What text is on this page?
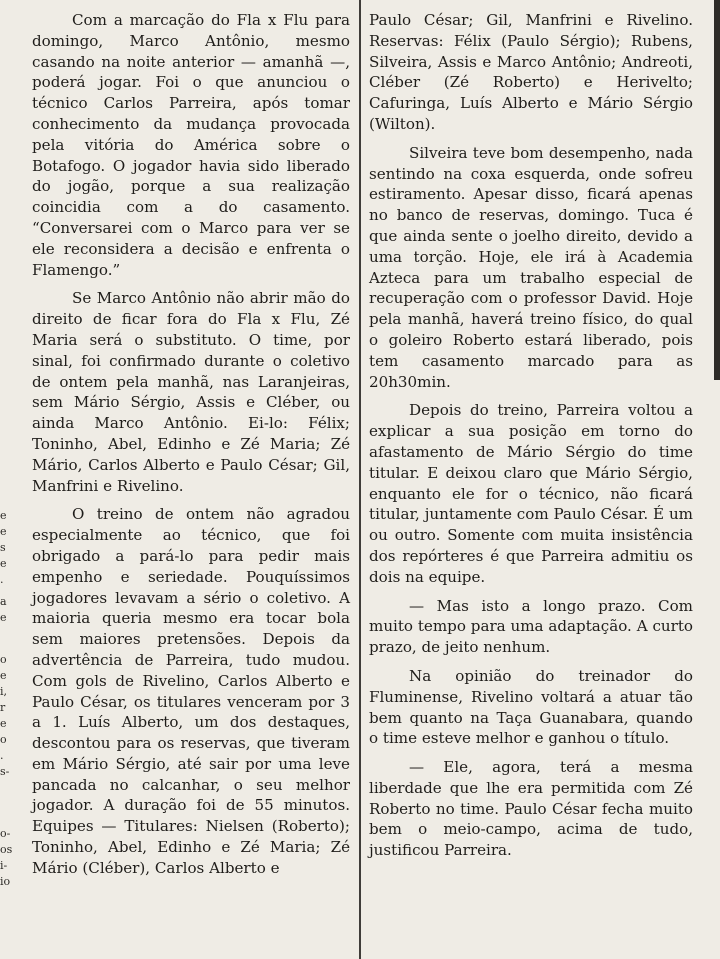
e
e
s
e
.
a
e
o
e
i,
r
e
o
.
s-
o-
os
i-
io

Com a marcação do Fla x Flu para domingo, Marco Antônio, mesmo casando na noite anterior — amanhã —, poderá jogar. Foi o que anunciou o técnico Carlos Parreira, após tomar conhecimento da mudança provocada pela vitória do América sobre o Botafogo. O jogador havia sido liberado do jogão, porque a sua realização coincidia com a do casamento. “Conversarei com o Marco para ver se ele reconsidera a decisão e enfrenta o Flamengo.”

Se Marco Antônio não abrir mão do direito de ficar fora do Fla x Flu, Zé Maria será o substituto. O time, por sinal, foi confirmado durante o coletivo de ontem pela manhã, nas Laranjeiras, sem Mário Sérgio, Assis e Cléber, ou ainda Marco Antônio. Ei-lo: Félix; Toninho, Abel, Edinho e Zé Maria; Zé Mário, Carlos Alberto e Paulo César; Gil, Manfrini e Rivelino.

O treino de ontem não agradou especialmente ao técnico, que foi obrigado a pará-lo para pedir mais empenho e seriedade. Pouquíssimos jogadores levavam a sério o coletivo. A maioria queria mesmo era tocar bola sem maiores pretensões. Depois da advertência de Parreira, tudo mudou. Com gols de Rivelino, Carlos Alberto e Paulo César, os titulares venceram por 3 a 1. Luís Alberto, um dos destaques, descontou para os reservas, que tiveram em Mário Sérgio, até sair por uma leve pancada no calcanhar, o seu melhor jogador. A duração foi de 55 minutos. Equipes — Titulares: Nielsen (Roberto); Toninho, Abel, Edinho e Zé Maria; Zé Mário (Cléber), Carlos Alberto e

Paulo César; Gil, Manfrini e Rivelino. Reservas: Félix (Paulo Sérgio); Rubens, Silveira, Assis e Marco Antônio; Andreoti, Cléber (Zé Roberto) e Herivelto; Cafuringa, Luís Alberto e Mário Sérgio (Wilton).

Silveira teve bom desempenho, nada sentindo na coxa esquerda, onde sofreu estiramento. Apesar disso, ficará apenas no banco de reservas, domingo. Tuca é que ainda sente o joelho direito, devido a uma torção. Hoje, ele irá à Academia Azteca para um trabalho especial de recuperação com o professor David. Hoje pela manhã, haverá treino físico, do qual o goleiro Roberto estará liberado, pois tem casamento marcado para as 20h30min.

Depois do treino, Parreira voltou a explicar a sua posição em torno do afastamento de Mário Sérgio do time titular. E deixou claro que Mário Sérgio, enquanto ele for o técnico, não ficará titular, juntamente com Paulo César. É um ou outro. Somente com muita insistência dos repórteres é que Parreira admitiu os dois na equipe.

— Mas isto a longo prazo. Com muito tempo para uma adaptação. A curto prazo, de jeito nenhum.

Na opinião do treinador do Fluminense, Rivelino voltará a atuar tão bem quanto na Taça Guanabara, quando o time esteve melhor e ganhou o título.

— Ele, agora, terá a mesma liberdade que lhe era permitida com Zé Roberto no time. Paulo César fecha muito bem o meio-campo, acima de tudo, justificou Parreira.
